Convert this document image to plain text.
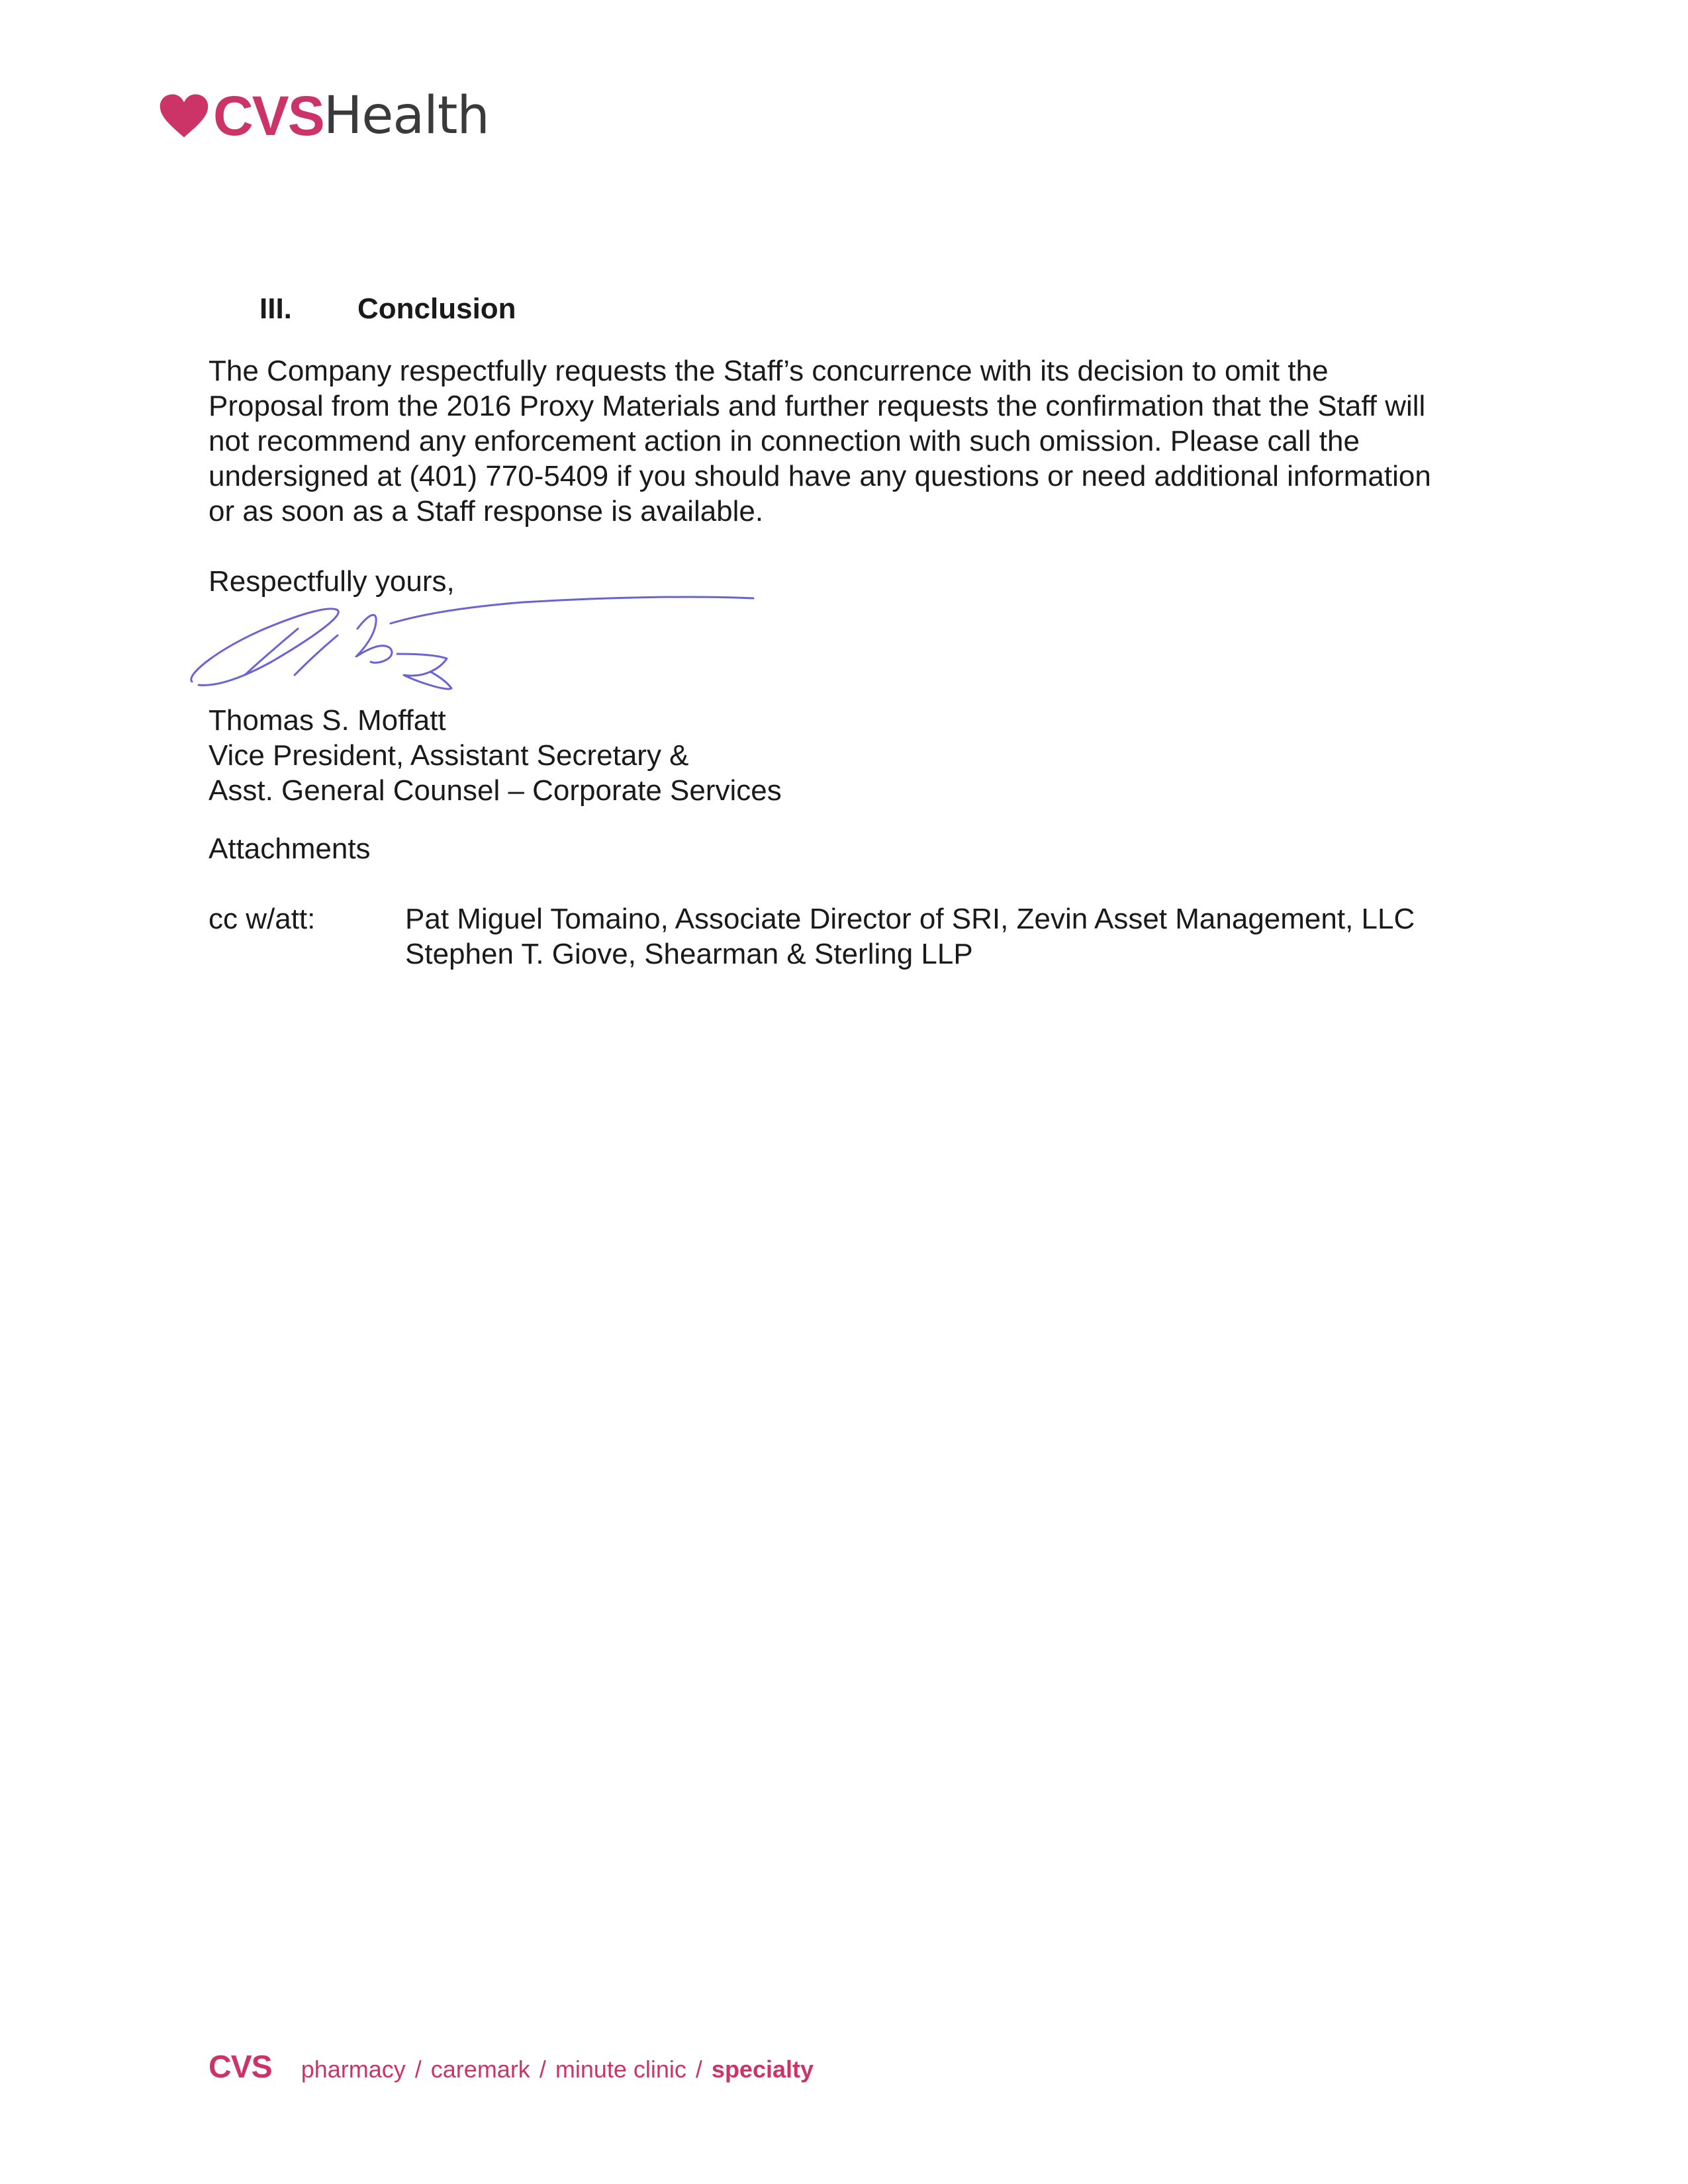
CVS Health
III.	Conclusion
The Company respectfully requests the Staff’s concurrence with its decision to omit the
Proposal from the 2016 Proxy Materials and further requests the confirmation that the Staff will
not recommend any enforcement action in connection with such omission. Please call the
undersigned at (401) 770-5409 if you should have any questions or need additional information
or as soon as a Staff response is available.
Respectfully yours,
Thomas S. Moffatt
Vice President, Assistant Secretary &
Asst. General Counsel – Corporate Services
Attachments
cc w/att:	Pat Miguel Tomaino, Associate Director of SRI, Zevin Asset Management, LLC
Stephen T. Giove, Shearman & Sterling LLP
CVS pharmacy / caremark / minute clinic / specialty
